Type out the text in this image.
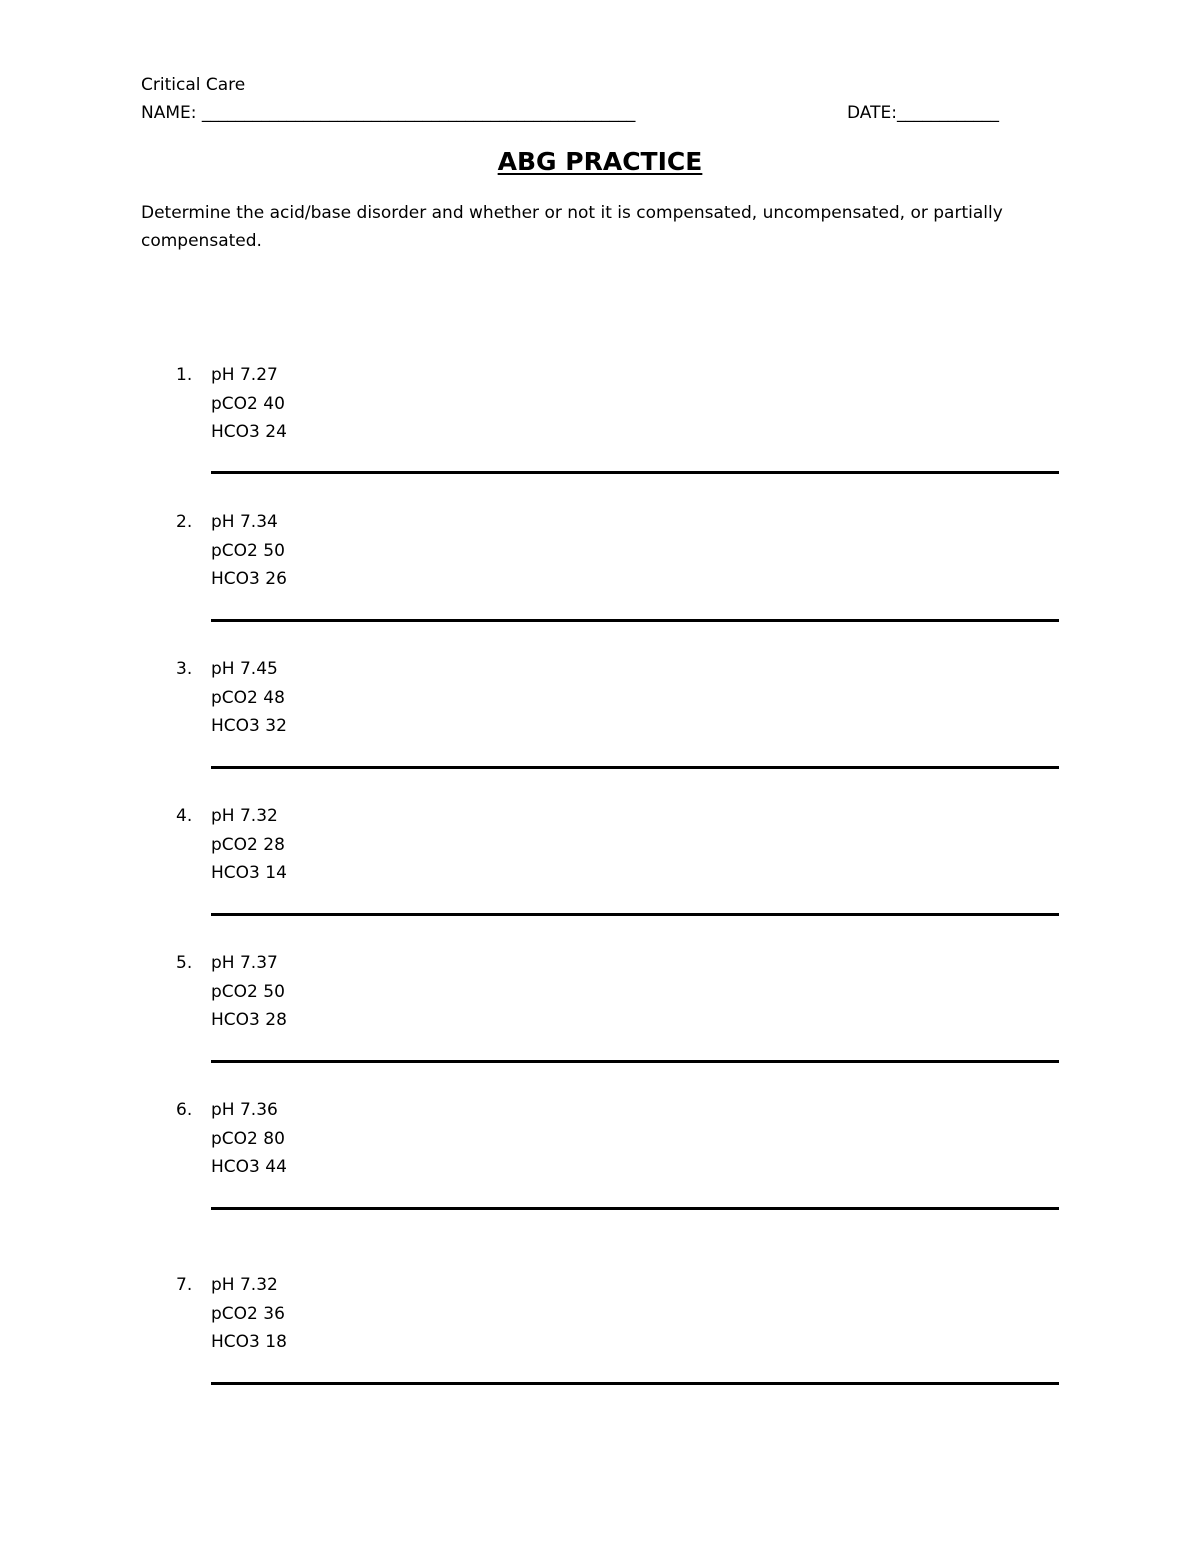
Critical Care
NAME: ___________________________________________________	DATE:____________
ABG PRACTICE
Determine the acid/base disorder and whether or not it is compensated, uncompensated, or partially compensated.
1. pH 7.27
pCO2 40
HCO3 24
2. pH 7.34
pCO2 50
HCO3 26
3. pH 7.45
pCO2 48
HCO3 32
4. pH 7.32
pCO2 28
HCO3 14
5. pH 7.37
pCO2 50
HCO3 28
6. pH 7.36
pCO2 80
HCO3 44
7. pH 7.32
pCO2 36
HCO3 18
